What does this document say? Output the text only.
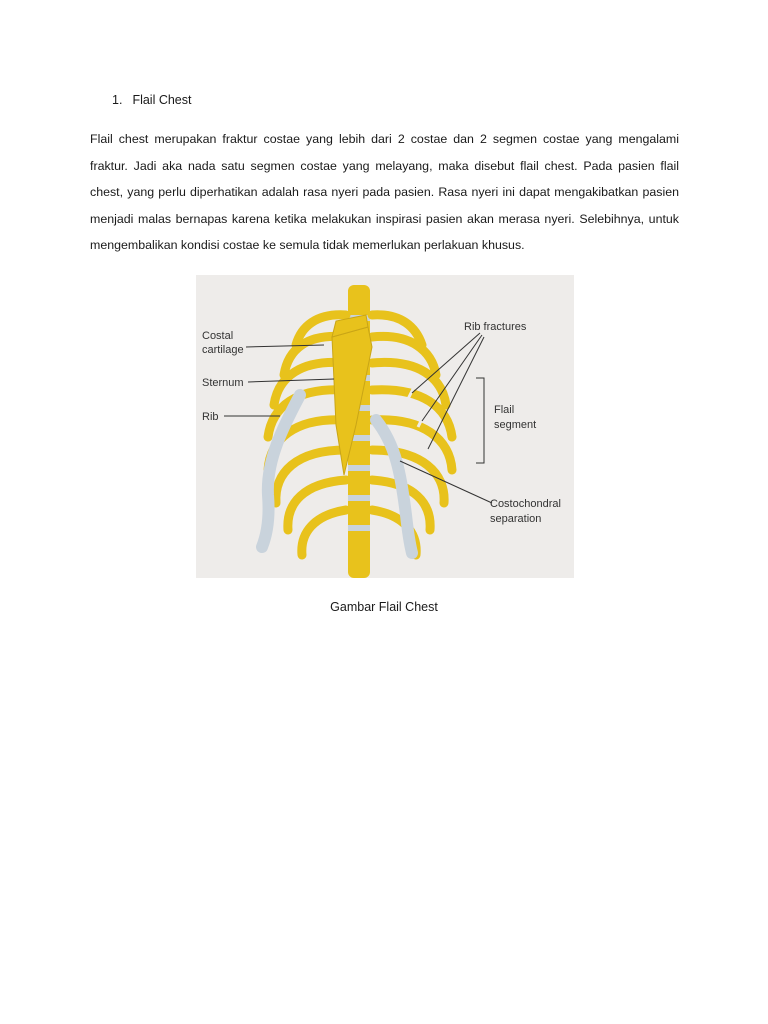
1. Flail Chest

Flail chest merupakan fraktur costae yang lebih dari 2 costae dan 2 segmen costae yang mengalami fraktur. Jadi aka nada satu segmen costae yang melayang, maka disebut flail chest. Pada pasien flail chest, yang perlu diperhatikan adalah rasa nyeri pada pasien. Rasa nyeri ini dapat mengakibatkan pasien menjadi malas bernapas karena ketika melakukan inspirasi pasien akan merasa nyeri. Selebihnya, untuk mengembalikan kondisi costae ke semula tidak memerlukan perlakuan khusus.

Costal
cartilage
Sternum
Rib
Rib fractures
Flail
segment
Costochondral
separation
Gambar Flail Chest
